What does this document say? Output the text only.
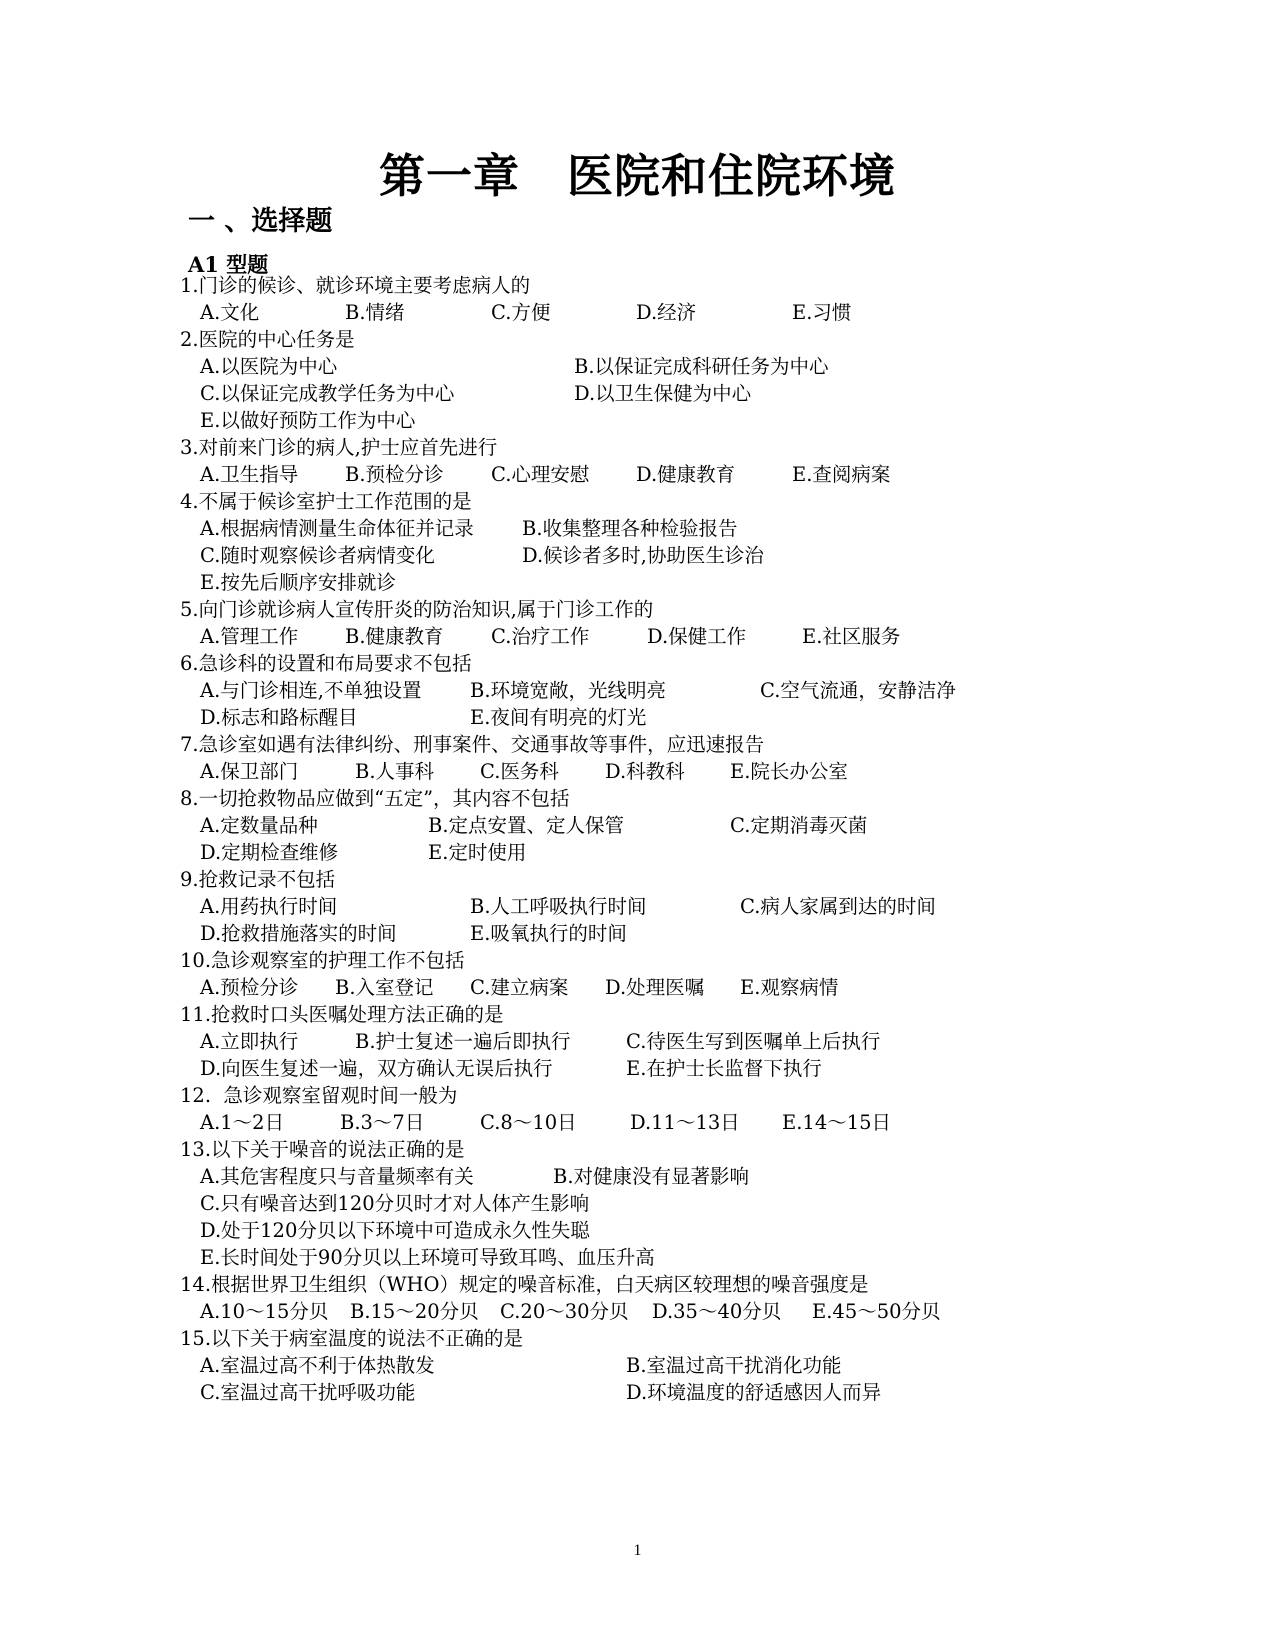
第一章　医院和住院环境
一 、选择题
A1 型题
1.门诊的候诊、就诊环境主要考虑病人的
A.文化	B.情绪	C.方便	D.经济	E.习惯
2.医院的中心任务是
A.以医院为中心	B.以保证完成科研任务为中心
C.以保证完成教学任务为中心	D.以卫生保健为中心
E.以做好预防工作为中心
3.对前来门诊的病人,护士应首先进行
A.卫生指导 B.预检分诊 C.心理安慰 D.健康教育	E.查阅病案
4.不属于候诊室护士工作范围的是
A.根据病情测量生命体征并记录 B.收集整理各种检验报告
C.随时观察候诊者病情变化	D.候诊者多时,协助医生诊治
E.按先后顺序安排就诊
5.向门诊就诊病人宣传肝炎的防治知识,属于门诊工作的
A.管理工作 B.健康教育 C.治疗工作	D.保健工作	E.社区服务
6.急诊科的设置和布局要求不包括
A.与门诊相连,不单独设置 B.环境宽敞，光线明亮	C.空气流通，安静洁净
D.标志和路标醒目	E.夜间有明亮的灯光
7.急诊室如遇有法律纠纷、刑事案件、交通事故等事件，应迅速报告
A.保卫部门	B.人事科 C.医务科 D.科教科 E.院长办公室
8.一切抢救物品应做到“五定”，其内容不包括
A.定数量品种	B.定点安置、定人保管	C.定期消毒灭菌
D.定期检查维修	E.定时使用
9.抢救记录不包括
A.用药执行时间	B.人工呼吸执行时间	C.病人家属到达的时间
D.抢救措施落实的时间	E.吸氧执行的时间
10.急诊观察室的护理工作不包括
A.预检分诊 B.入室登记 C.建立病案 D.处理医嘱 E.观察病情
11.抢救时口头医嘱处理方法正确的是
A.立即执行	B.护士复述一遍后即执行	C.待医生写到医嘱单上后执行
D.向医生复述一遍，双方确认无误后执行	E.在护士长监督下执行
12.  急诊观察室留观时间一般为
A.1～2日	B.3～7日	C.8～10日	D.11～13日 E.14～15日
13.以下关于噪音的说法正确的是
A.其危害程度只与音量频率有关	B.对健康没有显著影响
C.只有噪音达到120分贝时才对人体产生影响
D.处于120分贝以下环境中可造成永久性失聪
E.长时间处于90分贝以上环境可导致耳鸣、血压升高
14.根据世界卫生组织（WHO）规定的噪音标准，白天病区较理想的噪音强度是
A.10～15分贝 B.15～20分贝 C.20～30分贝 D.35～40分贝 E.45～50分贝
15.以下关于病室温度的说法不正确的是
A.室温过高不利于体热散发	B.室温过高干扰消化功能
C.室温过高干扰呼吸功能	D.环境温度的舒适感因人而异
1
